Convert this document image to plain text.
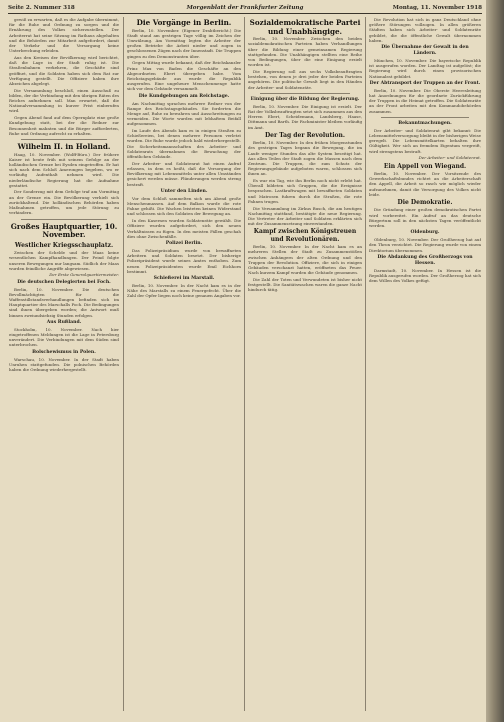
Seite 2. Nummer 318	Morgenblatt der Frankfurter Zeitung	Montag, 11. November 1918

gewiß zu erwarten, daß es die Aufgabe übernimmt, für die Ruhe und Ordnung zu sorgen und die Ernährung des Volkes sicherzustellen. Der Arbeiterrat hat seine Sitzung im Rathaus abgehalten und die Behörden zur Mitarbeit aufgefordert, damit der Verkehr und die Versorgung keine Unterbrechung erleiden.

Aus den Kreisen der Bevölkerung wird berichtet, daß die Lage in der Stadt ruhig ist. Die Straßenbahnen verkehren, die Geschäfte sind geöffnet, und die Soldaten haben sich dem Rat zur Verfügung gestellt. Die Offiziere haben ihre Abzeichen abgelegt.

Die Versammlung beschloß, einen Ausschuß zu bilden, der die Verbindung mit den übrigen Räten des Reiches aufnehmen soll. Man erwartet, daß die Nationalversammlung in kurzer Frist einberufen wird.

Gegen Abend fand auf dem Opernplatz eine große Kundgebung statt, bei der die Redner zur Besonnenheit mahnten und die Bürger aufforderten, Ruhe und Ordnung aufrecht zu erhalten.

Wilhelm II. in Holland.

Haag, 10. November. (Wolff-Büro.) Der frühere Kaiser ist heute früh mit seinem Gefolge an der holländischen Grenze bei Eysden eingetroffen. Er hat sich nach dem Schloß Amerongen begeben, wo er vorläufig Aufenthalt nehmen wird. Die niederländische Regierung hat die Aufnahme gestattet.

Der Sonderzug mit dem Gefolge traf am Vormittag an der Grenze ein. Die Bevölkerung verhielt sich zurückhaltend. Die holländischen Behörden haben Maßnahmen getroffen, um jede Störung zu verhindern.

Großes Hauptquartier, 10. November.
Westlicher Kriegsschauplatz.

Zwischen der Schelde und der Maas keine wesentlichen Kampfhandlungen. Der Feind folgte unseren Bewegungen nur langsam. Südlich der Maas wurden feindliche Angriffe abgewiesen.

Der Erste Generalquartiermeister.
Die deutschen Delegierten bei Foch.

Berlin, 10. November. Die deutschen Bevollmächtigten für die Waffenstillstandsverhandlungen befinden sich im Hauptquartier des Marschalls Foch. Die Bedingungen sind ihnen übergeben worden; die Antwort muß binnen zweiundsiebzig Stunden erfolgen.

Aus Rußland.

Stockholm, 10. November. Nach hier eingetroffenen Meldungen ist die Lage in Petersburg unverändert. Die Verbindungen mit dem Süden sind unterbrochen.

Bolschewismus in Polen.

Warschau, 10. November. In der Stadt haben Unruhen stattgefunden. Die polnischen Behörden haben die Ordnung wiederhergestellt.

Die Vorgänge in Berlin.

Berlin, 10. November. (Eigener Drahtbericht.) Die Stadt stand am gestrigen Tage völlig im Zeichen der Umwälzung. Am Vormittag legten die Arbeiter der großen Betriebe die Arbeit nieder und zogen in geschlossenen Zügen nach der Innenstadt. Die Truppen gingen zu den Demonstranten über.

Gegen Mittag wurde bekannt, daß der Reichskanzler Prinz Max von Baden die Geschäfte an den Abgeordneten Ebert übergeben habe. Vom Reichstagsgebäude aus wurde die Republik ausgerufen. Eine ungeheure Menschenmenge hatte sich vor dem Gebäude versammelt.

Die Kundgebungen am Reichstage.

Am Nachmittag sprachen mehrere Redner von der Rampe des Reichstagsgebäudes. Sie forderten die Menge auf, Ruhe zu bewahren und Ausschreitungen zu vermeiden. Die Worte wurden mit lebhaftem Beifall aufgenommen.

Im Laufe des Abends kam es in einigen Straßen zu Schießereien, bei denen mehrere Personen verletzt wurden. Die Ruhe wurde jedoch bald wiederhergestellt. Die Sicherheitsmannschaften des Arbeiter- und Soldatenrats übernahmen die Bewachung der öffentlichen Gebäude.

Der Arbeiter- und Soldatenrat hat einen Aufruf erlassen, in dem es heißt, daß die Versorgung der Bevölkerung mit Lebensmitteln unter allen Umständen gesichert werden müsse. Plünderungen werden streng bestraft.

Unter den Linden.

Vor dem Schloß sammelten sich am Abend große Menschenmassen. Auf dem Balkon wurde die rote Fahne gehißt. Die Wachen leisteten keinen Widerstand und schlossen sich den Soldaten der Bewegung an.

In den Kasernen wurden Soldatenräte gewählt. Die Offiziere wurden aufgefordert, sich den neuen Verhältnissen zu fügen. In den meisten Fällen geschah dies ohne Zwischenfälle.

Polizei Berlin.

Das Polizeipräsidium wurde von bewaffneten Arbeitern und Soldaten besetzt. Der bisherige Polizeipräsident wurde seines Amtes enthoben. Zum neuen Polizeipräsidenten wurde Emil Eichhorn bestimmt.

Schießerei im Marstall.

Berlin, 10. November. In der Nacht kam es in der Nähe des Marstalls zu einem Feuergefecht. Über die Zahl der Opfer liegen noch keine genauen Angaben vor.

Sozialdemokratische Partei und Unabhängige.

Berlin, 10. November. Zwischen den beiden sozialdemokratischen Parteien haben Verhandlungen über die Bildung einer gemeinsamen Regierung stattgefunden. Die Unabhängigen stellten eine Reihe von Bedingungen, über die eine Einigung erzielt worden ist.

Die Regierung soll aus sechs Volksbeauftragten bestehen, von denen je drei jeder der beiden Parteien angehören. Die politische Gewalt liegt in den Händen der Arbeiter- und Soldatenräte.

Einigung über die Bildung der Regierung.

Berlin, 10. November. Die Einigung ist erzielt. Der Rat der Volksbeauftragten setzt sich zusammen aus den Herren Ebert, Scheidemann, Landsberg, Haase, Dittmann und Barth. Die Fachminister bleiben vorläufig im Amt.

Der Tag der Revolution.

Berlin, 10. November. In den frühen Morgenstunden des gestrigen Tages begann die Bewegung, die im Laufe weniger Stunden das alte System beseitigt hat. Aus allen Teilen der Stadt zogen die Massen nach dem Zentrum. Die Truppen, die zum Schutz der Regierungsgebäude aufgeboten waren, schlossen sich ihnen an.

Es war ein Tag, wie ihn Berlin noch nicht erlebt hat. Überall bildeten sich Gruppen, die die Ereignisse besprachen. Lastkraftwagen mit bewaffneten Soldaten und Matrosen fuhren durch die Straßen, die rote Fahnen trugen.

Die Versammlung im Zirkus Busch, die am heutigen Nachmittag stattfand, bestätigte die neue Regierung. Die Vertreter der Arbeiter und Soldaten erklärten sich mit der Zusammensetzung einverstanden.

Kampf zwischen Königstreuen und Revolutionären.

Berlin, 10. November. In der Nacht kam es an mehreren Stellen der Stadt zu Zusammenstößen zwischen Anhängern der alten Ordnung und den Truppen der Revolution. Offiziere, die sich in einigen Gebäuden verschanzt hatten, eröffneten das Feuer. Nach kurzem Kampf wurden die Gebäude genommen.

Die Zahl der Toten und Verwundeten ist bisher nicht festgestellt. Die Sanitätswachen waren die ganze Nacht hindurch tätig.

Die Revolution hat sich in ganz Deutschland ohne größere Störungen vollzogen. In allen größeren Städten haben sich Arbeiter- und Soldatenräte gebildet, die die öffentliche Gewalt übernommen haben.

Die Übernahme der Gewalt in den Ländern.

München, 10. November. Die bayerische Republik ist ausgerufen worden. Der Landtag ist aufgelöst; die Regierung wird durch einen provisorischen Nationalrat gebildet.

Der Abtransport der Truppen an der Front.

Berlin, 10. November. Die Oberste Heeresleitung hat Anordnungen für die geordnete Zurückführung der Truppen in die Heimat getroffen. Die Soldatenräte an der Front arbeiten mit den Kommandobehörden zusammen.

Bekanntmachungen.

Der Arbeiter- und Soldatenrat gibt bekannt: Die Lebensmittelversorgung bleibt in der bisherigen Weise geregelt. Die Lebensmittelkarten behalten ihre Gültigkeit. Wer sich an fremdem Eigentum vergreift, wird strengstens bestraft.

Der Arbeiter- und Soldatenrat.
Ein Appell von Wiegand.

Berlin, 10. November. Der Vorsitzende des Gewerkschaftsbundes richtet an die Arbeiterschaft den Appell, die Arbeit so rasch wie möglich wieder aufzunehmen, damit die Versorgung des Volkes nicht leide.

Die Demokratie.

Die Gründung einer großen demokratischen Partei wird vorbereitet. Ein Aufruf an das deutsche Bürgertum soll in den nächsten Tagen veröffentlicht werden.

Oldenburg.

Oldenburg, 10. November. Der Großherzog hat auf den Thron verzichtet. Die Regierung wurde von einem Direktorium übernommen.

Die Abdankung des Großherzogs von Hessen.

Darmstadt, 10. November. In Hessen ist die Republik ausgerufen worden. Der Großherzog hat sich dem Willen des Volkes gefügt.
